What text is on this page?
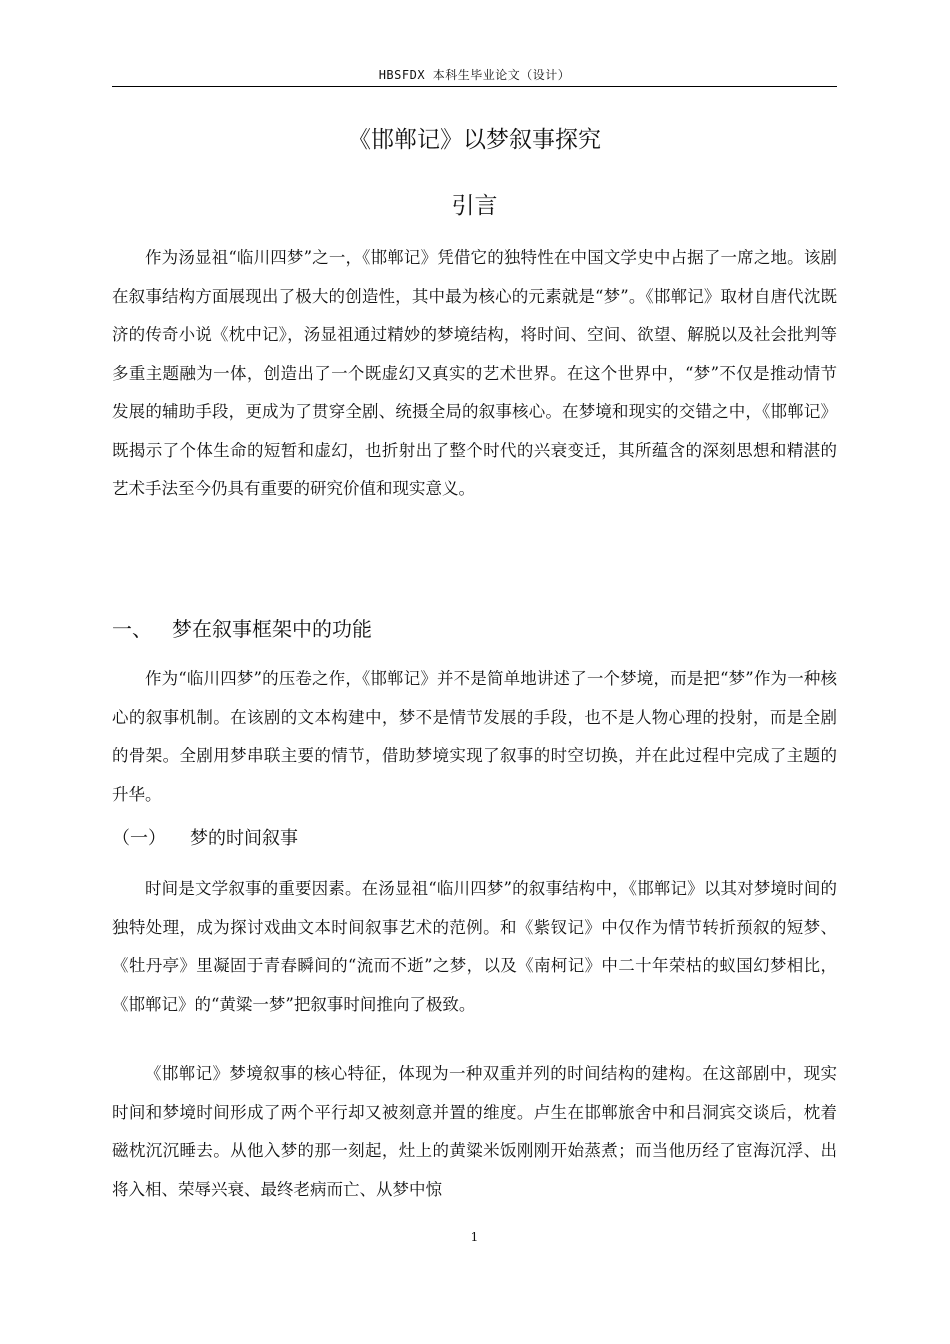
HBSFDX 本科生毕业论文（设计）
《邯郸记》以梦叙事探究
引言

作为汤显祖“临川四梦”之一，《邯郸记》凭借它的独特性在中国文学史中占据了一席之地。该剧在叙事结构方面展现出了极大的创造性，其中最为核心的元素就是“梦”。《邯郸记》取材自唐代沈既济的传奇小说《枕中记》，汤显祖通过精妙的梦境结构，将时间、空间、欲望、解脱以及社会批判等多重主题融为一体，创造出了一个既虚幻又真实的艺术世界。在这个世界中，“梦”不仅是推动情节发展的辅助手段，更成为了贯穿全剧、统摄全局的叙事核心。在梦境和现实的交错之中，《邯郸记》既揭示了个体生命的短暂和虚幻，也折射出了整个时代的兴衰变迁，其所蕴含的深刻思想和精湛的艺术手法至今仍具有重要的研究价值和现实意义。

一、 梦在叙事框架中的功能

作为“临川四梦”的压卷之作，《邯郸记》并不是简单地讲述了一个梦境，而是把“梦”作为一种核心的叙事机制。在该剧的文本构建中，梦不是情节发展的手段，也不是人物心理的投射，而是全剧的骨架。全剧用梦串联主要的情节，借助梦境实现了叙事的时空切换，并在此过程中完成了主题的升华。

（一） 梦的时间叙事

时间是文学叙事的重要因素。在汤显祖“临川四梦”的叙事结构中，《邯郸记》以其对梦境时间的独特处理，成为探讨戏曲文本时间叙事艺术的范例。和《紫钗记》中仅作为情节转折预叙的短梦、《牡丹亭》里凝固于青春瞬间的“流而不逝”之梦，以及《南柯记》中二十年荣枯的蚁国幻梦相比，《邯郸记》的“黄粱一梦”把叙事时间推向了极致。

《邯郸记》梦境叙事的核心特征，体现为一种双重并列的时间结构的建构。在这部剧中，现实时间和梦境时间形成了两个平行却又被刻意并置的维度。卢生在邯郸旅舍中和吕洞宾交谈后，枕着磁枕沉沉睡去。从他入梦的那一刻起，灶上的黄粱米饭刚刚开始蒸煮；而当他历经了宦海沉浮、出将入相、荣辱兴衰、最终老病而亡、从梦中惊

1
